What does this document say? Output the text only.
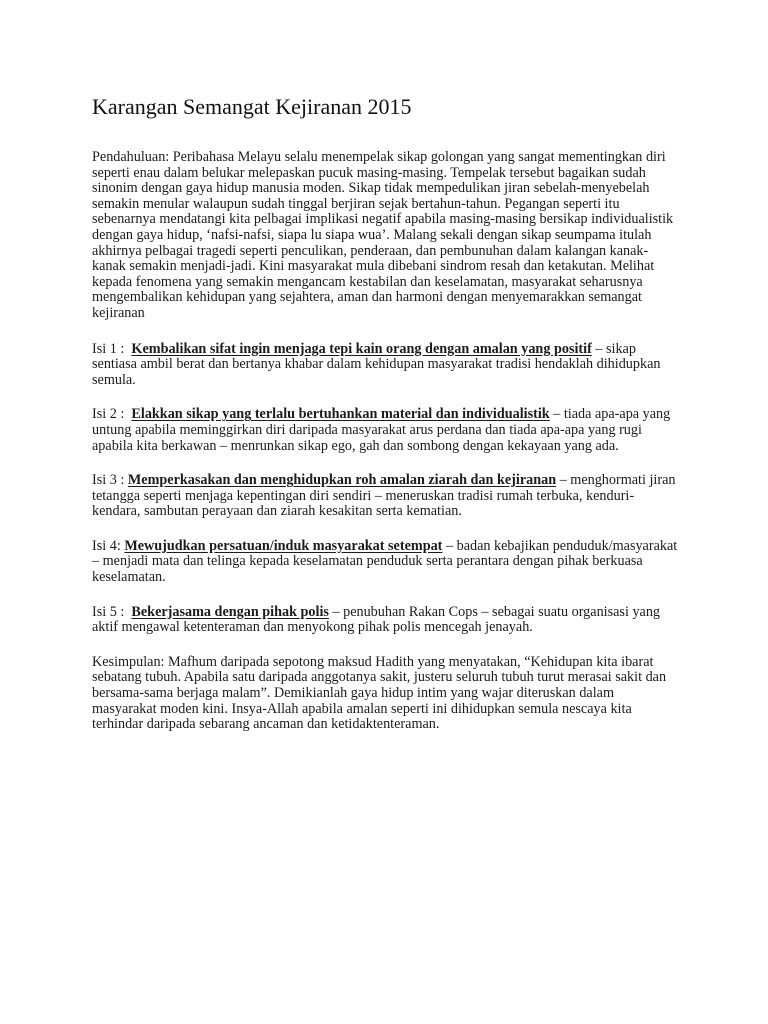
Karangan Semangat Kejiranan 2015

Pendahuluan: Peribahasa Melayu selalu menempelak sikap golongan yang sangat mementingkan diri seperti enau dalam belukar melepaskan pucuk masing-masing. Tempelak tersebut bagaikan sudah sinonim dengan gaya hidup manusia moden. Sikap tidak mempedulikan jiran sebelah-menyebelah semakin menular walaupun sudah tinggal berjiran sejak bertahun-tahun. Pegangan seperti itu sebenarnya mendatangi kita pelbagai implikasi negatif apabila masing-masing bersikap individualistik dengan gaya hidup, ‘nafsi-nafsi, siapa lu siapa wua’. Malang sekali dengan sikap seumpama itulah akhirnya pelbagai tragedi seperti penculikan, penderaan, dan pembunuhan dalam kalangan kanak-kanak semakin menjadi-jadi. Kini masyarakat mula dibebani sindrom resah dan ketakutan. Melihat kepada fenomena yang semakin mengancam kestabilan dan keselamatan, masyarakat seharusnya mengembalikan kehidupan yang sejahtera, aman dan harmoni dengan menyemarakkan semangat kejiranan

Isi 1 : Kembalikan sifat ingin menjaga tepi kain orang dengan amalan yang positif – sikap sentiasa ambil berat dan bertanya khabar dalam kehidupan masyarakat tradisi hendaklah dihidupkan semula.

Isi 2 : Elakkan sikap yang terlalu bertuhankan material dan individualistik – tiada apa-apa yang untung apabila meminggirkan diri daripada masyarakat arus perdana dan tiada apa-apa yang rugi apabila kita berkawan – menrunkan sikap ego, gah dan sombong dengan kekayaan yang ada.

Isi 3 : Memperkasakan dan menghidupkan roh amalan ziarah dan kejiranan – menghormati jiran tetangga seperti menjaga kepentingan diri sendiri – meneruskan tradisi rumah terbuka, kenduri-kendara, sambutan perayaan dan ziarah kesakitan serta kematian.

Isi 4: Mewujudkan persatuan/induk masyarakat setempat – badan kebajikan penduduk/masyarakat – menjadi mata dan telinga kepada keselamatan penduduk serta perantara dengan pihak berkuasa keselamatan.

Isi 5 : Bekerjasama dengan pihak polis – penubuhan Rakan Cops – sebagai suatu organisasi yang aktif mengawal ketenteraman dan menyokong pihak polis mencegah jenayah.

Kesimpulan: Mafhum daripada sepotong maksud Hadith yang menyatakan, “Kehidupan kita ibarat sebatang tubuh. Apabila satu daripada anggotanya sakit, justeru seluruh tubuh turut merasai sakit dan bersama-sama berjaga malam”. Demikianlah gaya hidup intim yang wajar diteruskan dalam masyarakat moden kini. Insya-Allah apabila amalan seperti ini dihidupkan semula nescaya kita terhindar daripada sebarang ancaman dan ketidaktenteraman.
